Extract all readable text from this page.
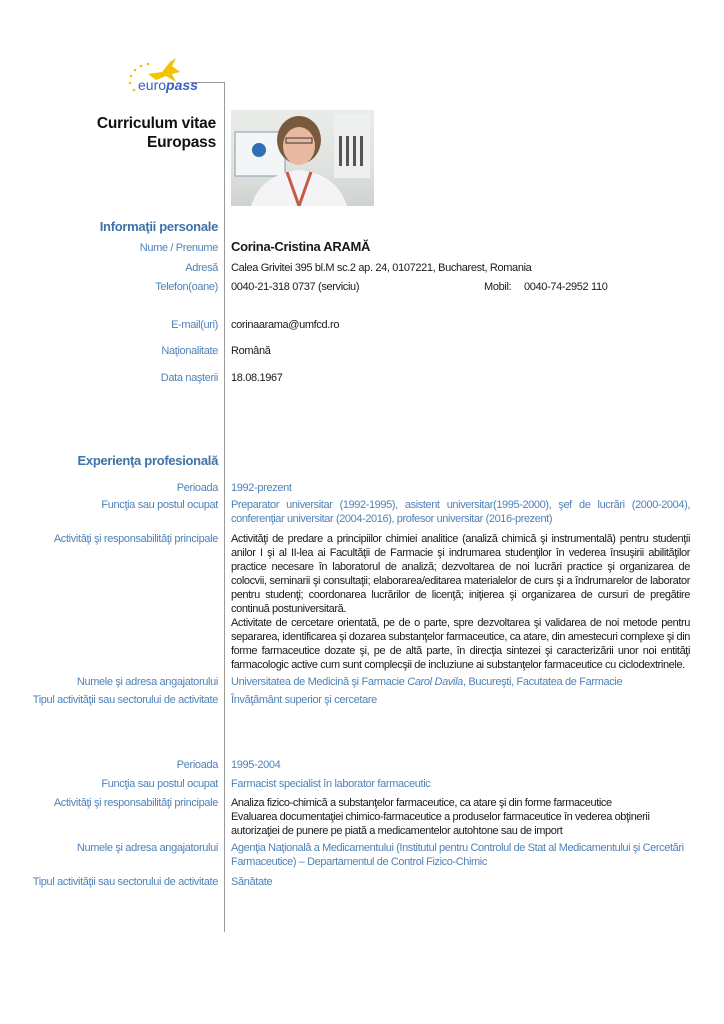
europass
Curriculum vitae
Europass
Informaţii personale
Nume / Prenume Corina-Cristina ARAMĂ
Adresă Calea Grivitei 395 bl.M sc.2 ap. 24, 0107221, Bucharest, Romania
Telefon(oane) 0040-21-318 0737 (serviciu)	Mobil: 0040-74-2952 110
E-mail(uri) corinaarama@umfcd.ro
Naţionalitate Română
Data naşterii 18.08.1967
Experienţa profesională
Perioada 1992-prezent
Funcţia sau postul ocupat Preparator universitar (1992-1995), asistent universitar(1995-2000), şef de lucrări (2000-2004), conferenţiar universitar (2004-2016), profesor universitar (2016-prezent)
Activităţi şi responsabilităţi principale Activităţi de predare a principiilor chimiei analitice (analiză chimică şi instrumentală) pentru studenţii anilor I şi al II-lea ai Facultăţii de Farmacie şi indrumarea studenţilor în vederea însuşirii abilităţilor practice necesare în laboratorul de analiză; dezvoltarea de noi lucrări practice şi organizarea de colocvii, seminarii şi consultaţii; elaborarea/editarea materialelor de curs şi a îndrumarelor de laborator pentru studenţi; coordonarea lucrărilor de licenţă; iniţierea şi organizarea de cursuri de pregătire continuă postuniversitară.
Activitate de cercetare orientată, pe de o parte, spre dezvoltarea şi validarea de noi metode pentru separarea, identificarea şi dozarea substanţelor farmaceutice, ca atare, din amestecuri complexe şi din forme farmaceutice dozate şi, pe de altă parte, în direcţia sintezei şi caracterizării unor noi entităţi farmacologic active cum sunt complecşii de incluziune ai substanţelor farmaceutice cu ciclodextrinele.
Numele şi adresa angajatorului Universitatea de Medicină şi Farmacie Carol Davila, Bucureşti, Facutatea de Farmacie
Tipul activităţii sau sectorului de activitate Învăţământ superior şi cercetare
Perioada 1995-2004
Funcţia sau postul ocupat Farmacist specialist în laborator farmaceutic
Activităţi şi responsabilităţi principale Analiza fizico-chimică a substanţelor farmaceutice, ca atare şi din forme farmaceutice
Evaluarea documentaţiei chimico-farmaceutice a produselor farmaceutice în vederea obţinerii autorizaţiei de punere pe piată a medicamentelor autohtone sau de import
Numele şi adresa angajatorului Agenţia Naţională a Medicamentului (Institutul pentru Controlul de Stat al Medicamentului şi Cercetări Farmaceutice) – Departamentul de Control Fizico-Chimic
Tipul activităţii sau sectorului de activitate Sănătate
